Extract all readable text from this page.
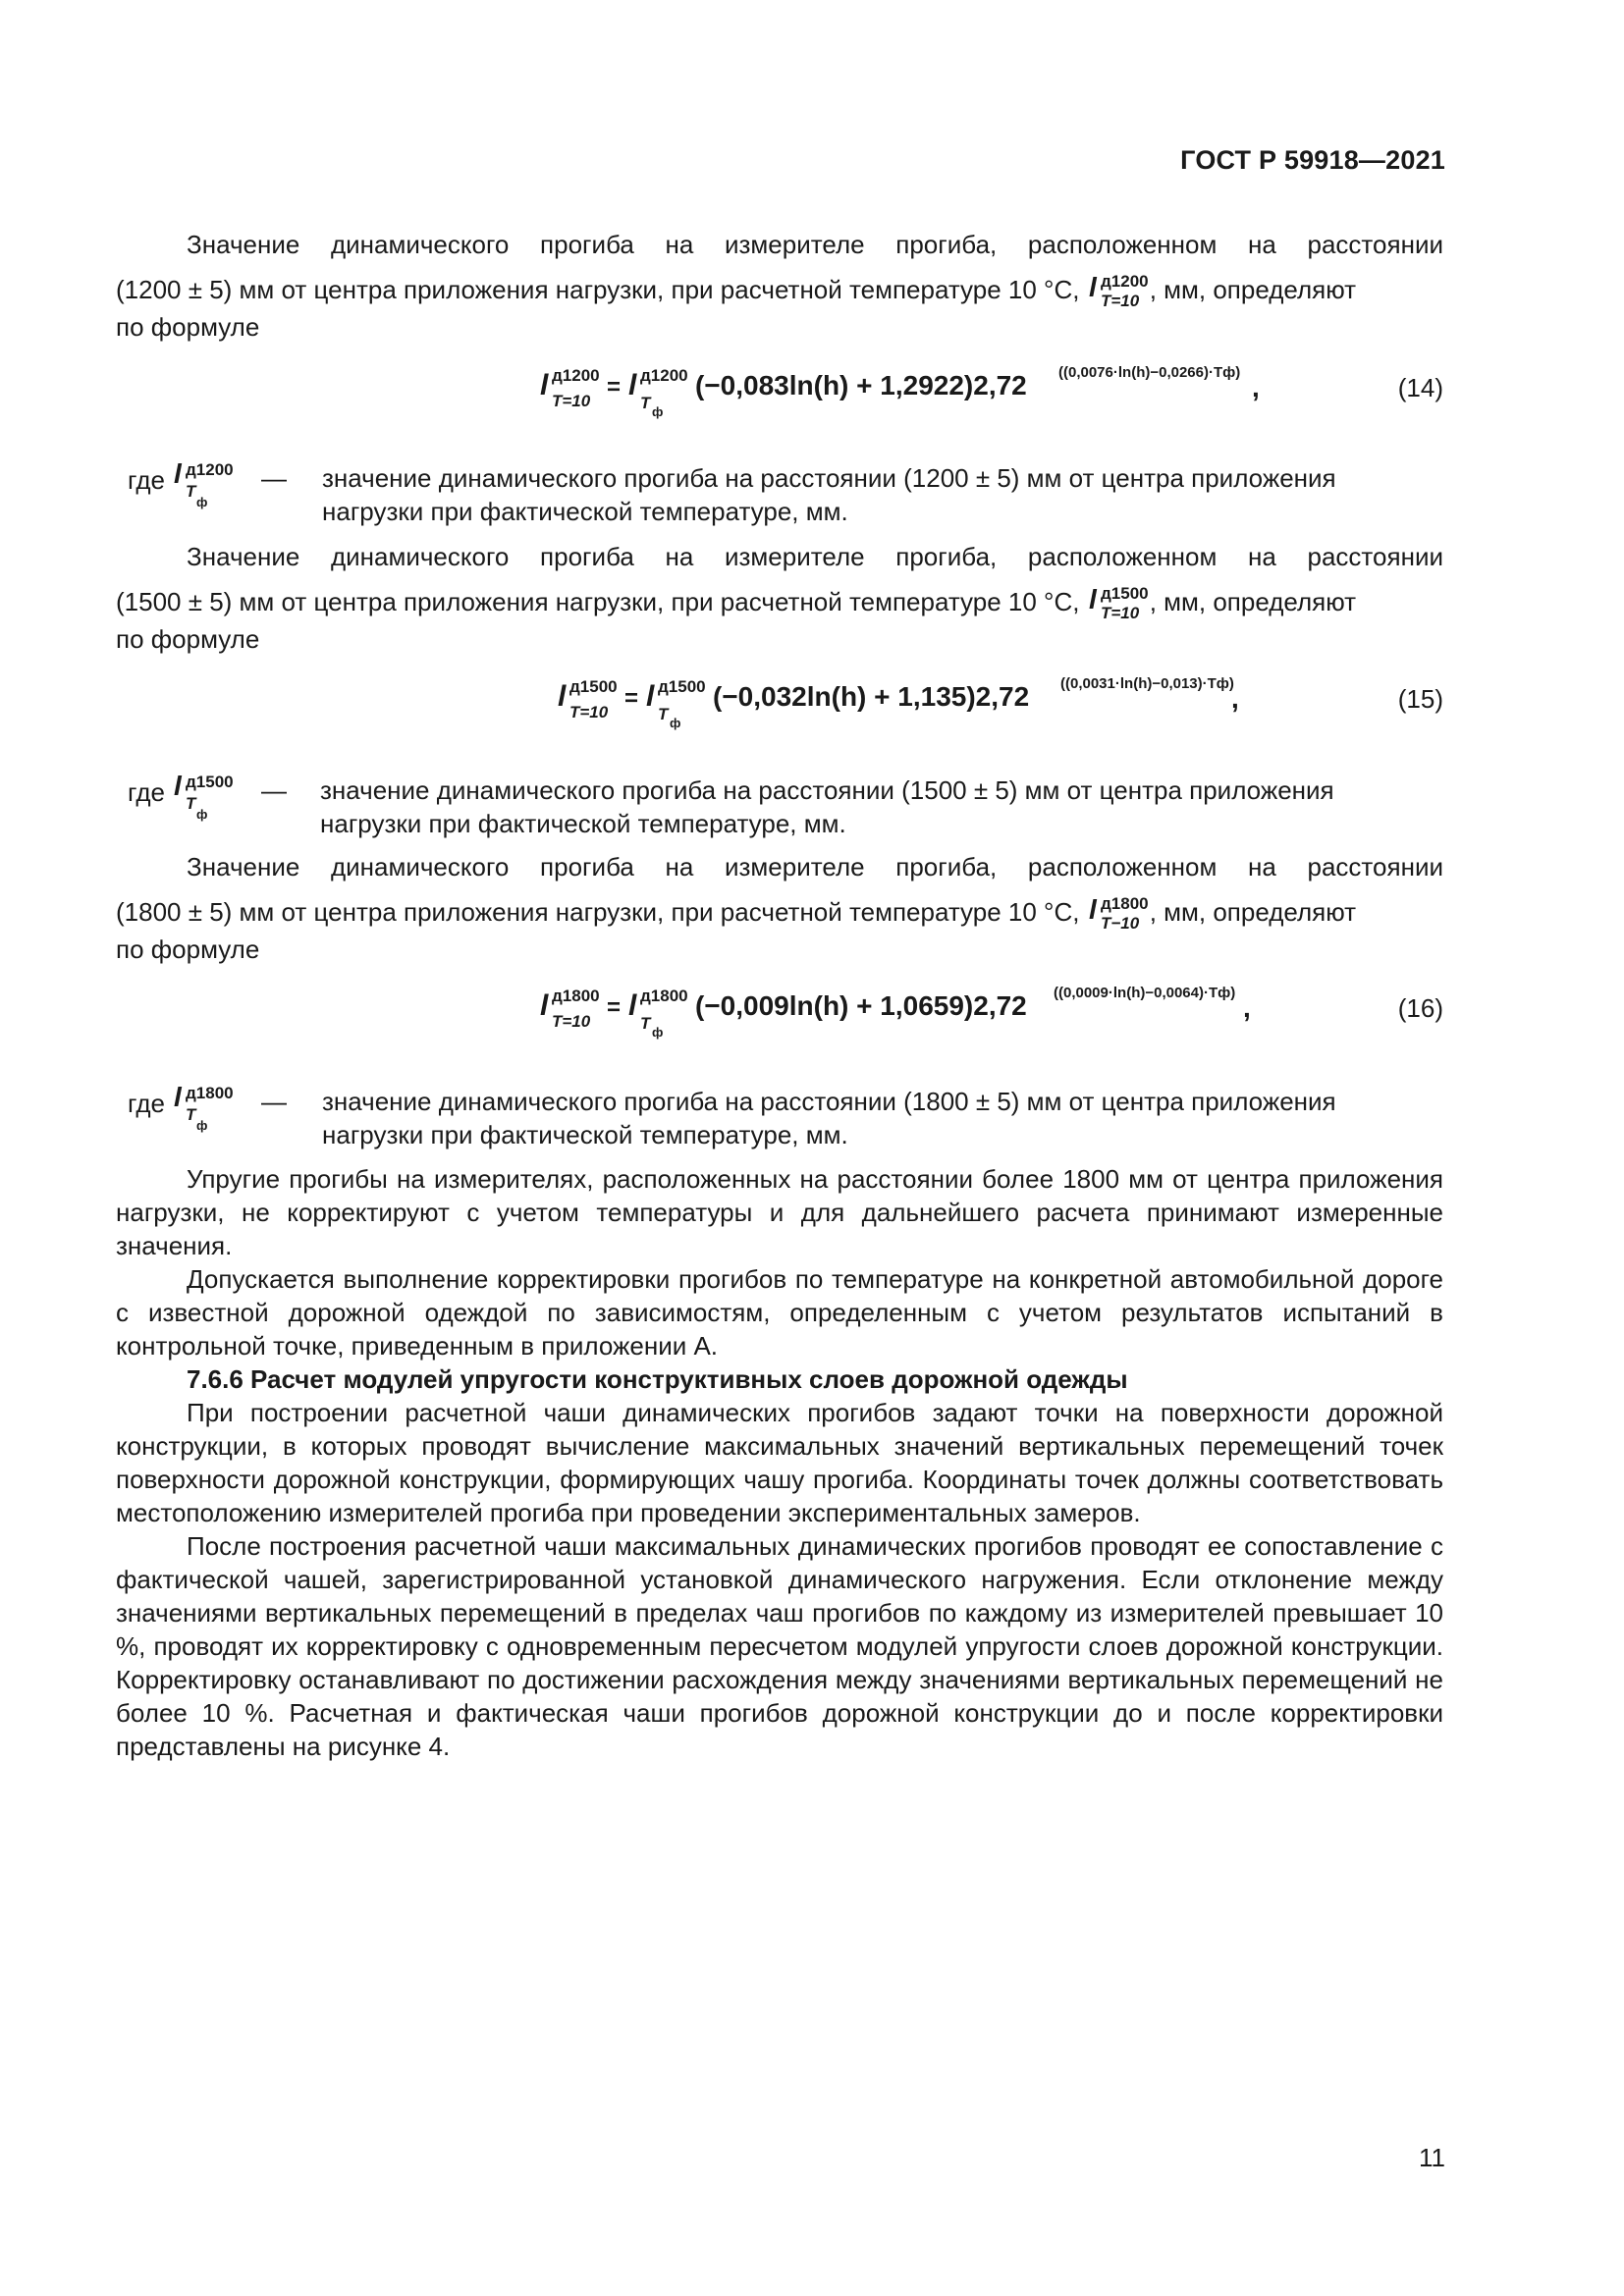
ГОСТ Р 59918—2021

Значение динамического прогиба на измерителе прогиба, расположенном на расстоянии

(1200 ± 5) мм от центра приложения нагрузки, при расчетной температуре 10 °С, l д1200
T=10 , мм, определяют

по формуле

l д1200
T=10
= l д1200
T ф
(−0,083ln(h) + 1,2922)2,72 ((0,0076·ln(h)−0,0266)·Tф) ,	(14)
где l д1200
T
ф
— значение динамического прогиба на расстоянии (1200 ± 5) мм от центра приложения нагрузки при фактической температуре, мм.

Значение динамического прогиба на измерителе прогиба, расположенном на расстоянии

(1500 ± 5) мм от центра приложения нагрузки, при расчетной температуре 10 °С, l д1500
T=10 , мм, определяют

по формуле

l д1500
T=10
= l д1500
T ф
(−0,032ln(h) + 1,135)2,72 ((0,0031·ln(h)−0,013)·Tф)
,	(15)
где l д1500
T
ф
— значение динамического прогиба на расстоянии (1500 ± 5) мм от центра приложения нагрузки при фактической температуре, мм.

Значение динамического прогиба на измерителе прогиба, расположенном на расстоянии

(1800 ± 5) мм от центра приложения нагрузки, при расчетной температуре 10 °С, l д1800
T−10 , мм, определяют

по формуле

l д1800
T=10
= l д1800
T ф
(−0,009ln(h) + 1,0659)2,72 ((0,0009·ln(h)−0,0064)·Tф) ,	(16)
где l д1800
T
ф
— значение динамического прогиба на расстоянии (1800 ± 5) мм от центра приложения нагрузки при фактической температуре, мм.

Упругие прогибы на измерителях, расположенных на расстоянии более 1800 мм от центра приложения нагрузки, не корректируют с учетом температуры и для дальнейшего расчета принимают измеренные значения.

Допускается выполнение корректировки прогибов по температуре на конкретной автомобильной дороге с известной дорожной одеждой по зависимостям, определенным с учетом результатов испытаний в контрольной точке, приведенным в приложении А.

7.6.6 Расчет модулей упругости конструктивных слоев дорожной одежды

При построении расчетной чаши динамических прогибов задают точки на поверхности дорожной конструкции, в которых проводят вычисление максимальных значений вертикальных перемещений точек поверхности дорожной конструкции, формирующих чашу прогиба. Координаты точек должны соответствовать местоположению измерителей прогиба при проведении экспериментальных замеров.

После построения расчетной чаши максимальных динамических прогибов проводят ее сопоставление с фактической чашей, зарегистрированной установкой динамического нагружения. Если отклонение между значениями вертикальных перемещений в пределах чаш прогибов по каждому из измерителей превышает 10 %, проводят их корректировку с одновременным пересчетом модулей упругости слоев дорожной конструкции. Корректировку останавливают по достижении расхождения между значениями вертикальных перемещений не более 10 %. Расчетная и фактическая чаши прогибов дорожной конструкции до и после корректировки представлены на рисунке 4.

11
